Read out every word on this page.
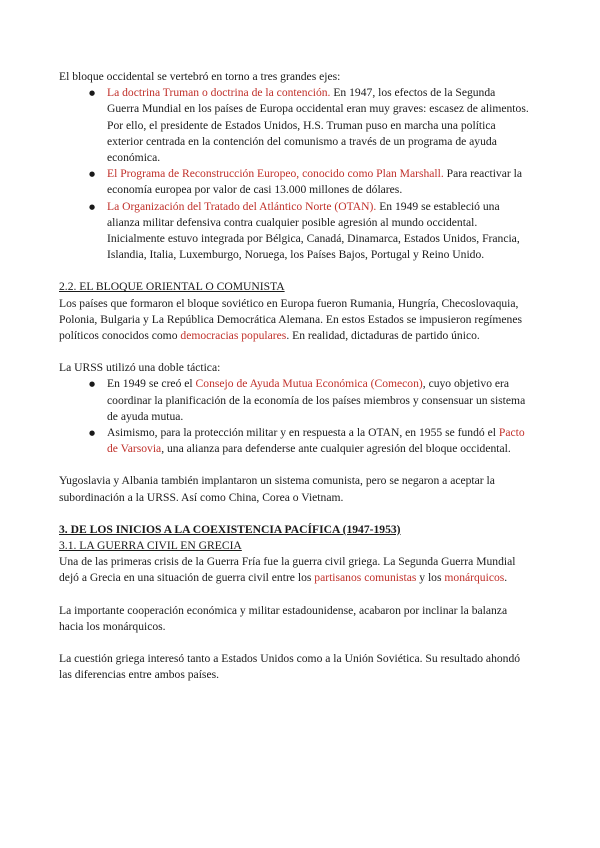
El bloque occidental se vertebró en torno a tres grandes ejes:

● La doctrina Truman o doctrina de la contención. En 1947, los efectos de la Segunda Guerra Mundial en los países de Europa occidental eran muy graves: escasez de alimentos. Por ello, el presidente de Estados Unidos, H.S. Truman puso en marcha una política exterior centrada en la contención del comunismo a través de un programa de ayuda económica.
● El Programa de Reconstrucción Europeo, conocido como Plan Marshall. Para reactivar la economía europea por valor de casi 13.000 millones de dólares.
● La Organización del Tratado del Atlántico Norte (OTAN). En 1949 se estableció una alianza militar defensiva contra cualquier posible agresión al mundo occidental. Inicialmente estuvo integrada por Bélgica, Canadá, Dinamarca, Estados Unidos, Francia, Islandia, Italia, Luxemburgo, Noruega, los Países Bajos, Portugal y Reino Unido.

2.2. EL BLOQUE ORIENTAL O COMUNISTA

Los países que formaron el bloque soviético en Europa fueron Rumania, Hungría, Checoslovaquia, Polonia, Bulgaria y La República Democrática Alemana. En estos Estados se impusieron regímenes políticos conocidos como democracias populares. En realidad, dictaduras de partido único.

La URSS utilizó una doble táctica:

● En 1949 se creó el Consejo de Ayuda Mutua Económica (Comecon), cuyo objetivo era coordinar la planificación de la economía de los países miembros y consensuar un sistema de ayuda mutua.
● Asimismo, para la protección militar y en respuesta a la OTAN, en 1955 se fundó el Pacto de Varsovia, una alianza para defenderse ante cualquier agresión del bloque occidental.

Yugoslavia y Albania también implantaron un sistema comunista, pero se negaron a aceptar la subordinación a la URSS. Así como China, Corea o Vietnam.

3. DE LOS INICIOS A LA COEXISTENCIA PACÍFICA (1947-1953)

3.1. LA GUERRA CIVIL EN GRECIA

Una de las primeras crisis de la Guerra Fría fue la guerra civil griega. La Segunda Guerra Mundial dejó a Grecia en una situación de guerra civil entre los partisanos comunistas y los monárquicos.

La importante cooperación económica y militar estadounidense, acabaron por inclinar la balanza hacia los monárquicos.

La cuestión griega interesó tanto a Estados Unidos como a la Unión Soviética. Su resultado ahondó las diferencias entre ambos países.
